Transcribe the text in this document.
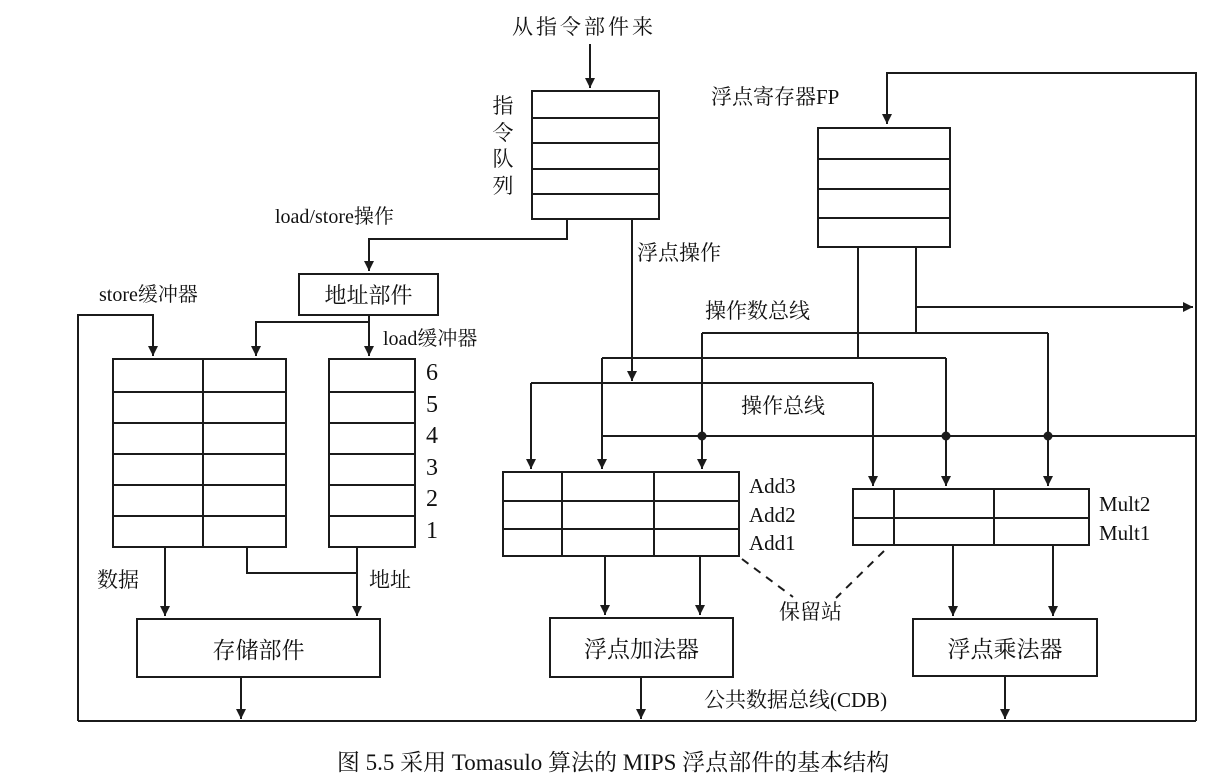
地址部件
存储部件	浮点加法器	浮点乘法器
从指令部件来
指令队列
浮点寄存器FP
load/store操作
store缓冲器
load缓冲器
浮点操作
操作数总线
操作总线
6
5
4
3
2
1
Add3
Add2
Add1
Mult2
Mult1
数据	地址
保留站
公共数据总线(CDB)
图 5.5 采用 Tomasulo 算法的 MIPS 浮点部件的基本结构
